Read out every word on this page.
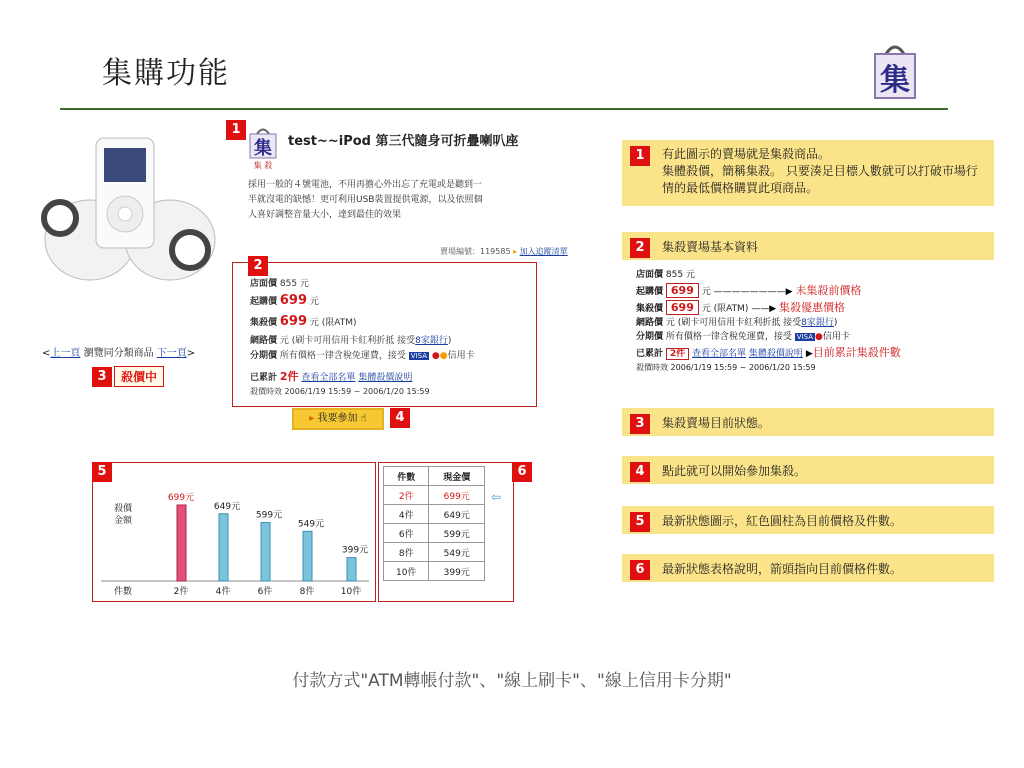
集購功能	集
<上一頁 瀏覽同分類商品 下一頁>
3	殺價中
1
集
集 殺
test~~iPod 第三代隨身可折疊喇叭座
採用一般的４號電池，不用再擔心外出忘了充電或是聽到一半就沒電的缺憾！更可利用USB裝置提供電源，以及依照個人喜好調整音量大小，達到最佳的效果
賣場編號：119585 ▸ 加入追蹤清單
2
店面價 855 元
起購價 699 元
集殺價 699 元 (限ATM)
網路價 元 (刷卡可用信用卡紅利折抵 接受8家銀行)
分期價 所有價格一律含稅免運費，接受 VISA ●●信用卡
已累計 2件 查看全部名單 集體殺價說明
殺價時效 2006/1/19 15:59 ~ 2006/1/20 15:59
▸ 我要參加 ☝	4
殺價
金額
件數
699元
2件
649元
4件
599元
6件
549元
8件
399元
10件
5	件數	現金價
2件	699元
4件	649元
6件	599元
8件	549元
10件	399元
⇦
6
1	有此圖示的賣場就是集殺商品。
集體殺價，簡稱集殺。 只要湊足目標人數就可以打破市場行情的最低價格購買此項商品。
2	集殺賣場基本資料
店面價 855 元
起購價 699 元 ————————▶ 未集殺前價格
集殺價 699 元 (限ATM) ——▶ 集殺優惠價格
網路價 元 (刷卡可用信用卡紅利折抵 接受8家銀行)
分期價 所有價格一律含稅免運費，接受 VISA ●信用卡
已累計 2件 查看全部名單 集體殺價說明 ▶目前累計集殺件數
殺價時效 2006/1/19 15:59 ~ 2006/1/20 15:59
3	集殺賣場目前狀態。
4	點此就可以開始參加集殺。
5	最新狀態圖示，紅色圓柱為目前價格及件數。
6	最新狀態表格說明，箭頭指向目前價格件數。
付款方式"ATM轉帳付款"、"線上刷卡"、"線上信用卡分期"
